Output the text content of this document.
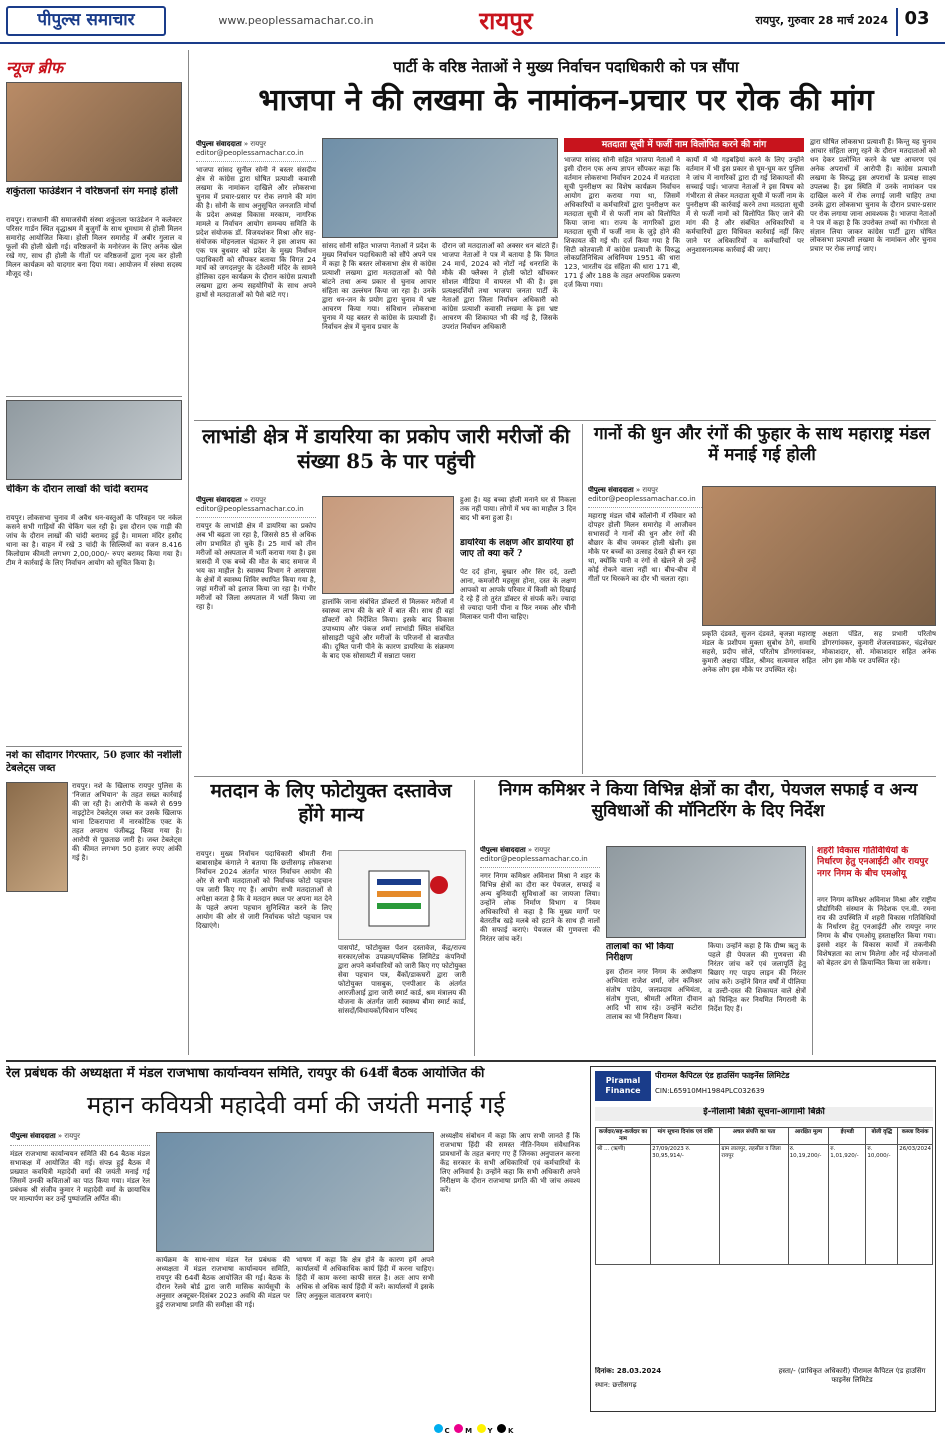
पीपुल्स समाचार	www.peoplessamachar.co.in	रायपुर	रायपुर, गुरुवार 28 मार्च 2024 03
न्यूज ब्रीफ
शकुंतला फाउंडेशन ने वरिष्ठजनों संग मनाई होली
रायपुर। राजधानी की समाजसेवी संस्था शकुंतला फाउंडेशन ने कलेक्टर परिसर गार्डन स्थित वृद्धाश्रम में बुजुर्गों के साथ धूमधाम से होली मिलन समारोह आयोजित किया। होली मिलन समारोह में अबीर गुलाल व फूलों की होली खेली गई। वरिष्ठजनों के मनोरंजन के लिए अनेक खेल रखे गए, साथ ही होली के गीतों पर वरिष्ठजनों द्वारा नृत्य कर होली मिलन कार्यक्रम को यादगार बना दिया गया। आयोजन में संस्था सदस्य मौजूद रहे।
चेकिंग के दौरान लाखों की चांदी बरामद
रायपुर। लोकसभा चुनाव में अवैध धन-वस्तुओं के परिवहन पर नकेल कसने सभी गाड़ियों की चेकिंग चल रही है। इस दौरान एक गाड़ी की जांच के दौरान लाखों की चांदी बरामद हुई है। मामला मंदिर हसौद थाना का है। वाहन में रखे 3 चांदी के सिल्लियों का वजन 8.416 किलोग्राम कीमती लगभग 2,00,000/- रुपए बरामद किया गया है। टीम ने कार्रवाई के लिए निर्वाचन आयोग को सूचित किया है।
नशे का सौदागर गिरफ्तार, 50 हजार की नशीली टेबलेट्स जब्त
रायपुर। नशे के खिलाफ रायपुर पुलिस के 'निजात अभियान' के तहत सख्त कार्रवाई की जा रही है। आरोपी के कब्जे से 699 नाइट्रोटेन टेबलेट्स जब्त कर उसके खिलाफ थाना टिकरापारा में नारकोटिक एक्ट के तहत अपराध पंजीबद्ध किया गया है। आरोपी से पूछताछ जारी है। जब्त टेबलेट्स की कीमत लगभग 50 हजार रुपए आंकी गई है।
पार्टी के वरिष्ठ नेताओं ने मुख्य निर्वाचन पदाधिकारी को पत्र सौंपा
भाजपा ने की लखमा के नामांकन-प्रचार पर रोक की मांग
पीपुल्स संवाददाता » रायपुर
editor@peoplessamachar.co.in
भाजपा सांसद सुनील सोनी ने बस्तर संसदीय क्षेत्र से कांग्रेस द्वारा घोषित प्रत्याशी कवासी लखमा के नामांकन दाखिले और लोकसभा चुनाव में प्रचार-प्रसार पर रोक लगाने की मांग की है। सोनी के साथ अनुसूचित जनजाति मोर्चा के प्रदेश अध्यक्ष विकास मरकाम, नागरिक मामले व निर्वाचन आयोग समन्वय समिति के प्रदेश संयोजक डॉ. विजयशंकर मिश्रा और सह-संयोजक मोहनलाल चंद्राकर ने इस आशय का एक पत्र बुधवार को प्रदेश के मुख्य निर्वाचन पदाधिकारी को सौंपकर बताया कि विगत 24 मार्च को जगदलपुर के दंतेश्वरी मंदिर के सामने होलिका दहन कार्यक्रम के दौरान कांग्रेस प्रत्याशी लखमा द्वारा अन्य सहयोगियों के साथ अपने हाथों से मतदाताओं को पैसे बांटे गए।
सांसद सोनी सहित भाजपा नेताओं ने प्रदेश के मुख्य निर्वाचन पदाधिकारी को सौंपे अपने पत्र में कहा है कि बस्तर लोकसभा क्षेत्र से कांग्रेस प्रत्याशी लखमा द्वारा मतदाताओं को पैसे बांटने तथा अन्य प्रकार से चुनाव आचार संहिता का उल्लंघन किया जा रहा है। उनके द्वारा धन-जन के प्रयोग द्वारा चुनाव में भ्रष्ट आचरण किया गया। संविधान लोकसभा चुनाव में यह बस्तर से कांग्रेस के प्रत्याशी हैं। निर्वाचन क्षेत्र में चुनाव प्रचार के
दौरान जो मतदाताओं को अक्सर धन बांटते हैं। भाजपा नेताओं ने पत्र में बताया है कि विगत 24 मार्च, 2024 को नोटों नई धनराशि के मौके की फ्लैक्स ने होली फोटो खींचकर सोशल मीडिया में वायरल भी की है। इस प्रत्यक्षदर्शियों तथा भाजपा जनता पार्टी के नेताओं द्वारा जिला निर्वाचन अधिकारी को कांग्रेस प्रत्याशी कवासी लखमा के इस भ्रष्ट आचरण की शिकायत भी की गई है, जिसके उपरांत निर्वाचन अधिकारी
मतदाता सूची में फर्जी नाम विलोपित करने की मांग
भाजपा सांसद सोनी सहित भाजपा नेताओं ने इसी दौरान एक अन्य ज्ञापन सौंपकर कहा कि वर्तमान लोकसभा निर्वाचन 2024 में मतदाता सूची पुनरीक्षण का विशेष कार्यक्रम निर्वाचन आयोग द्वारा कराया गया था, जिसमें अधिकारियों व कर्मचारियों द्वारा पुनरीक्षण कर मतदाता सूची में से फर्जी नाम को विलोपित किया जाना था। राज्य के नागरिकों द्वारा मतदाता सूची में फर्जी नाम के जुड़े होने की शिकायत की गई थी। दर्ज किया गया है कि सिटी कोतवाली में कांग्रेस प्रत्याशी के विरुद्ध लोकप्रतिनिधित्व अधिनियम 1951 की धारा 123, भारतीय दंड संहिता की धारा 171 बी, 171 ई और 188 के तहत अपराधिक प्रकरण दर्ज किया गया।
कार्यों में भी गड़बड़ियां करने के लिए उन्होंने वर्तमान में भी इस प्रकार से घूम-घूम कर पुलिस ने जांच में नागरिकों द्वारा दी गई शिकायतों की सच्चाई पाई। भाजपा नेताओं ने इस विषय को गंभीरता से लेकर मतदाता सूची में फर्जी नाम के पुनरीक्षण की कार्रवाई करने तथा मतदाता सूची में से फर्जी नामों को विलोपित किए जाने की मांग की है और संबंधित अधिकारियों व कर्मचारियों द्वारा विधिवत कार्रवाई नहीं किए जाने पर अधिकारियों व कर्मचारियों पर अनुशासनात्मक कार्रवाई की जाए।
द्वारा घोषित लोकसभा प्रत्याशी हैं। किन्तु यह चुनाव आचार संहिता लागू रहने के दौरान मतदाताओं को धन देकर प्रलोभित करने के भ्रष्ट आचरण एवं अनेक अपराधों में आरोपी हैं। कांग्रेस प्रत्याशी लखमा के विरुद्ध इस अपराधों के प्रत्यक्ष साक्ष्य उपलब्ध हैं। इस स्थिति में उनके नामांकन पत्र दाखिल करने में रोक लगाई जानी चाहिए तथा उनके द्वारा लोकसभा चुनाव के दौरान प्रचार-प्रसार पर रोक लगाया जाना आवश्यक है। भाजपा नेताओं ने पत्र में कहा है कि उपरोक्त तथ्यों का गंभीरता से संज्ञान लिया जाकर कांग्रेस पार्टी द्वारा घोषित लोकसभा प्रत्याशी लखमा के नामांकन और चुनाव प्रचार पर रोक लगाई जाए।
लाभांडी क्षेत्र में डायरिया का प्रकोप जारी मरीजों की संख्या 85 के पार पहुंची
पीपुल्स संवाददाता » रायपुर
editor@peoplessamachar.co.in
रायपुर के लाभांडी क्षेत्र में डायरिया का प्रकोप अब भी बढ़ता जा रहा है, जिससे 85 से अधिक लोग प्रभावित हो चुके हैं। 25 मार्च को तीन मरीजों को अस्पताल में भर्ती कराया गया है। इस त्रासदी में एक बच्चे की मौत के बाद समाज में भय का माहौल है। स्वास्थ्य विभाग ने आसपास के क्षेत्रों में स्वास्थ्य शिविर स्थापित किया गया है, जहां मरीजों को इलाज किया जा रहा है। गंभीर मरीजों को जिला अस्पताल में भर्ती किया जा रहा है।
हालांकि जाना संबंधित डॉक्टरों से मिलकर मरीजों में स्वास्थ्य लाभ की के बारे में बात की। साथ ही वहां डॉक्टरों को निर्देशित किया। इसके बाद विकास उपाध्याय और पंकज शर्मा लाभांडी स्थित संबंधित सोसाइटी पहुंचे और मरीजों के परिजनों से बातचीत की। दूषित पानी पीने के कारण डायरिया के संक्रमण के बाद एक सोसायटी में सन्नाटा पसरा
हुआ है। यह बच्चा होली मनाने घर से निकला तक नहीं पाया। लोगों में भय का माहौल 3 दिन बाद भी बना हुआ है।
डायरिया के लक्षण और डायरिया हो जाए तो क्या करें ?
पेट दर्द होना, बुखार और सिर दर्द, उल्टी आना, कमजोरी महसूस होना, दस्त के लक्षण आपको या आपके परिवार में किसी को दिखाई दे रहे हैं तो तुरंत डॉक्टर से संपर्क करें। ज्यादा से ज्यादा पानी पीना व फिर नमक और चीनी मिलाकर पानी पीना चाहिए।
गानों की धुन और रंगों की फुहार के साथ महाराष्ट्र मंडल में मनाई गई होली
पीपुल्स संवाददाता » रायपुर
editor@peoplessamachar.co.in
महाराष्ट्र मंडल चौबे कॉलोनी में रविवार को दोपहर होली मिलन समारोह में आजीवन सभासदों ने गानों की धुन और रंगों की बौछार के बीच जमकर होली खेली। इस मौके पर बच्चों का उत्साह देखते ही बन रहा था, क्योंकि पानी व रंगों से खेलने से उन्हें कोई रोकने वाला नहीं था। बीच-बीच में गीतों पर थिरकने का दौर भी चलता रहा।
प्रकृति दंडवते, सुजन दंडवते, बृजन्ना महाराष्ट्र मंडल के प्रशीपम मुक्ता सुबोध ठेगे, समाधि सहसे, प्रदीप सोले, परितोष डोंगरगांवकर, कुमारी अक्षदा पंडित, श्रीमद सत्यमाल सहित अनेक लोग इस मौके पर उपस्थित रहे।
अक्षता पंडित, सह प्रभारी परितोष डोंगरगांवकर, कुमारी शेजलवाडकर, चंद्रशेखर मोकाशदार, सौ. मोकाशदार सहित अनेक लोग इस मौके पर उपस्थित रहे।
मतदान के लिए फोटोयुक्त दस्तावेज होंगे मान्य
रायपुर। मुख्य निर्वाचन पदाधिकारी श्रीमती रीना बाबासाहेब कंगाले ने बताया कि छत्तीसगढ़ लोकसभा निर्वाचन 2024 अंतर्गत भारत निर्वाचन आयोग की ओर से सभी मतदाताओं को निर्वाचक फोटो पहचान पत्र जारी किए गए हैं। आयोग सभी मतदाताओं से अपेक्षा करता है कि वे मतदान स्थल पर अपना मत देने के पहले अपना पहचान सुनिश्चित करने के लिए आयोग की ओर से जारी निर्वाचक फोटो पहचान पत्र दिखाएंगे।
पासपोर्ट, फोटोयुक्त पेंशन दस्तावेज, केंद्र/राज्य सरकार/लोक उपक्रम/पब्लिक लिमिटेड कंपनियों द्वारा अपने कर्मचारियों को जारी किए गए फोटोयुक्त सेवा पहचान पत्र, बैंकों/डाकघरों द्वारा जारी फोटोयुक्त पासबुक, एनपीआर के अंतर्गत आरजीआई द्वारा जारी स्मार्ट कार्ड, श्रम मंत्रालय की योजना के अंतर्गत जारी स्वास्थ्य बीमा स्मार्ट कार्ड, सांसदों/विधायकों/विधान परिषद
निगम कमिश्नर ने किया विभिन्न क्षेत्रों का दौरा, पेयजल सफाई व अन्य सुविधाओं की मॉनिटरिंग के दिए निर्देश
पीपुल्स संवाददाता » रायपुर
editor@peoplessamachar.co.in
नगर निगम कमिश्नर अविनाश मिश्रा ने शहर के विभिन्न क्षेत्रों का दौरा कर पेयजल, सफाई व अन्य बुनियादी सुविधाओं का जायजा लिया। उन्होंने लोक निर्माण विभाग व नियम अधिकारियों से कहा है कि मुख्य मार्गों पर बेतरतीब खड़े मलबे को हटाने के साथ ही नालों की सफाई कराएं। पेयजल की गुणवत्ता की निरंतर जांच करें।
तालाबों का भी किया निरीक्षण
इस दौरान नगर निगम के अधीक्षण अभियंता राजेश शर्मा, जोन कमिश्नर संतोष पांडेय, जलप्रदाय अभियंता, संतोष गुप्ता, श्रीमती अमिता दीवान आदि भी साथ रहे। उन्होंने कटोरा तालाब का भी निरीक्षण किया।
किया। उन्होंने कहा है कि ग्रीष्म ऋतु के पहले ही पेयजल की गुणवत्ता की निरंतर जांच करें एवं जलापूर्ति हेतु बिछाए गए पाइप लाइन की निरंतर जांच करें। उन्होंने विगत वर्षों में पीलिया व उल्टी-दस्त की शिकायत वाले क्षेत्रों को चिन्हित कर नियमित निगरानी के निर्देश दिए हैं।
शहरी विकास गतिविधियों के निर्धारण हेतु एनआईटी और रायपुर नगर निगम के बीच एमओयू
नगर निगम कमिश्नर अविनाश मिश्रा और राष्ट्रीय प्रौद्योगिकी संस्थान के निदेशक एन.वी. रमना राव की उपस्थिति में शहरी विकास गतिविधियों के निर्धारण हेतु एनआईटी और रायपुर नगर निगम के बीच एमओयू हस्ताक्षरित किया गया। इससे शहर के विकास कार्यों में तकनीकी विशेषज्ञता का लाभ मिलेगा और नई योजनाओं को बेहतर ढंग से क्रियान्वित किया जा सकेगा।
रेल प्रबंधक की अध्यक्षता में मंडल राजभाषा कार्यान्वयन समिति, रायपुर की 64वीं बैठक आयोजित की
महान कवियत्री महादेवी वर्मा की जयंती मनाई गई
पीपुल्स संवाददाता » रायपुर
मंडल राजभाषा कार्यान्वयन समिति की 64 बैठक मंडल सभाकक्ष में आयोजित की गई। संपन्न हुई बैठक में प्रख्यात कवयित्री महादेवी वर्मा की जयंती मनाई गई जिसमें उनकी कविताओं का पाठ किया गया। मंडल रेल प्रबंधक श्री संजीव कुमार ने महादेवी वर्मा के छायाचित्र पर माल्यार्पण कर उन्हें पुष्पांजलि अर्पित की।
कार्यक्रम के साथ-साथ मंडल रेल प्रबंधक की अध्यक्षता में मंडल राजभाषा कार्यान्वयन समिति, रायपुर की 64वीं बैठक आयोजित की गई। बैठक के दौरान रेलवे बोर्ड द्वारा जारी मासिक कार्यसूची के अनुसार अक्टूबर-दिसंबर 2023 अवधि की मंडल पर हुई राजभाषा प्रगति की समीक्षा की गई।
भाषण में कहा कि क्षेत्र होने के कारण हमें अपने कार्यालयों में अधिकाधिक कार्य हिंदी में करना चाहिए। हिंदी में काम करना काफी सरल है। अतः आप सभी अधिक से अधिक कार्य हिंदी में करें। कार्यालयों में इसके लिए अनुकूल वातावरण बनाएं।
अध्यक्षीय संबोधन में कहा कि आप सभी जानते हैं कि राजभाषा हिंदी की समस्त नीति-नियम संवैधानिक प्रावधानों के तहत बनाए गए हैं जिनका अनुपालन करना केंद्र सरकार के सभी अधिकारियों एवं कर्मचारियों के लिए अनिवार्य है। उन्होंने कहा कि सभी अधिकारी अपने निरीक्षण के दौरान राजभाषा प्रगति की भी जांच अवश्य करें।
Piramal Finance
पीरामल कैपिटल एंड हाउसिंग फाइनेंस लिमिटेड
CIN:L65910MH1984PLC032639
ई-नीलामी बिक्री सूचना-आगामी बिक्री
कर्जदार/सह-कर्जदार का नाम	मांग सूचना दिनांक एवं राशि	अचल संपत्ति का पता	आरक्षित मूल्य	ईएमडी	बोली वृद्धि	कब्जा दिनांक
श्री ... (ऋणी)	27/09/2023 रु. 30,95,914/-	ग्राम लालपुर, तहसील व जिला रायपुर	रु. 10,19,200/-	रु. 1,01,920/-	रु. 10,000/-	26/03/2024
दिनांक: 28.03.2024
स्थान: छत्तीसगढ़
हस्ता/- (प्राधिकृत अधिकारी) पीरामल कैपिटल एंड हाउसिंग फाइनेंस लिमिटेड
C M Y K
